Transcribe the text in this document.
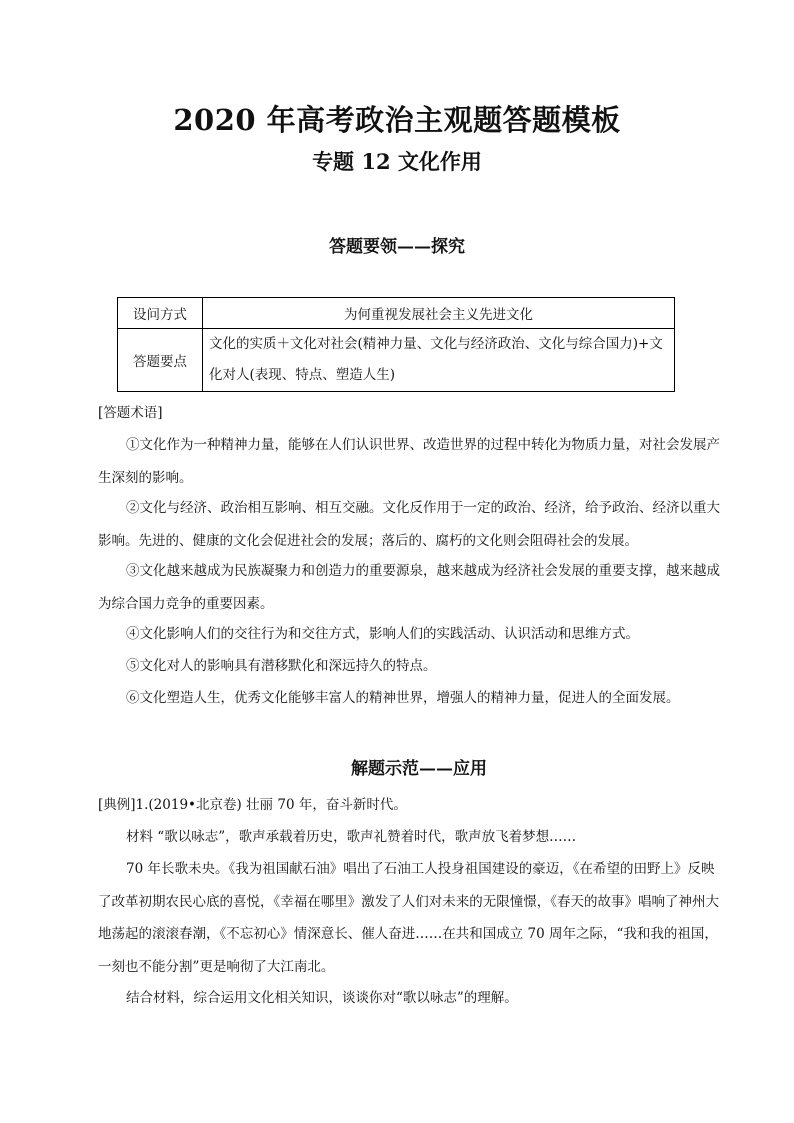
2020 年高考政治主观题答题模板
专题 12 文化作用
答题要领——探究
设问方式	为何重视发展社会主义先进文化
答题要点	文化的实质＋文化对社会(精神力量、文化与经济政治、文化与综合国力)+文化对人(表现、特点、塑造人生)

[答题术语]

①文化作为一种精神力量，能够在人们认识世界、改造世界的过程中转化为物质力量，对社会发展产生深刻的影响。

②文化与经济、政治相互影响、相互交融。文化反作用于一定的政治、经济，给予政治、经济以重大影响。先进的、健康的文化会促进社会的发展；落后的、腐朽的文化则会阻碍社会的发展。

③文化越来越成为民族凝聚力和创造力的重要源泉，越来越成为经济社会发展的重要支撑，越来越成为综合国力竞争的重要因素。

④文化影响人们的交往行为和交往方式，影响人们的实践活动、认识活动和思维方式。

⑤文化对人的影响具有潜移默化和深远持久的特点。

⑥文化塑造人生，优秀文化能够丰富人的精神世界，增强人的精神力量，促进人的全面发展。

解题示范——应用

[典例]1.(2019•北京卷) 壮丽 70 年，奋斗新时代。

材料 “歌以咏志”，歌声承载着历史，歌声礼赞着时代，歌声放飞着梦想……

70 年长歌未央。《我为祖国献石油》唱出了石油工人投身祖国建设的豪迈，《在希望的田野上》反映了改革初期农民心底的喜悦，《幸福在哪里》激发了人们对未来的无限憧憬，《春天的故事》唱响了神州大地荡起的滚滚春潮，《不忘初心》情深意长、催人奋进……在共和国成立 70 周年之际，“我和我的祖国，一刻也不能分割”更是响彻了大江南北。

结合材料，综合运用文化相关知识，谈谈你对“歌以咏志”的理解。
